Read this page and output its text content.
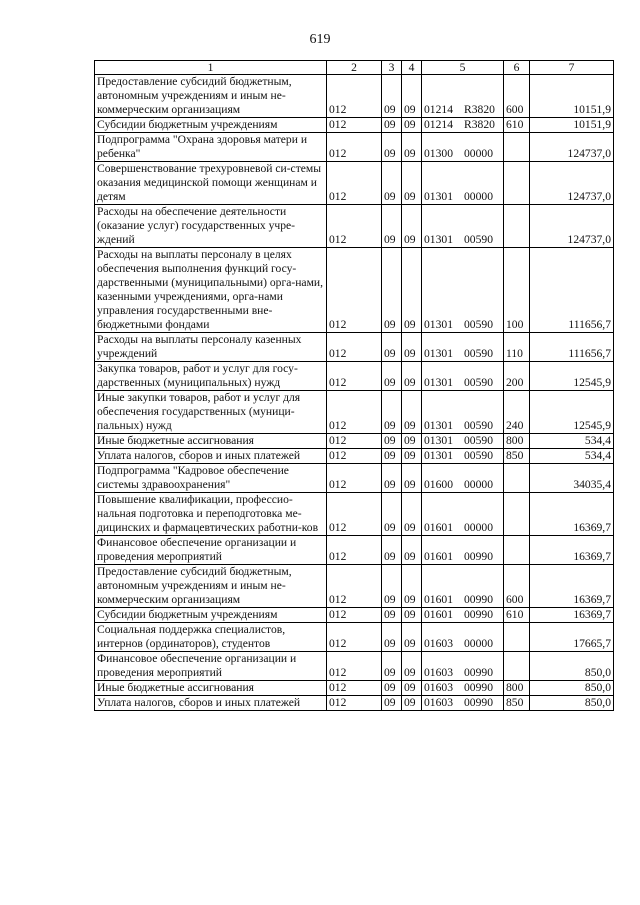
619
1	2	3	4	5	6	7
Предоставление субсидий бюджетным, автономным учреждениям и иным не-коммерческим организациям	012	09	09	01214 R3820	600	10151,9
Субсидии бюджетным учреждениям	012	09	09	01214 R3820	610	10151,9
Подпрограмма "Охрана здоровья матери и ребенка"	012	09	09	01300 00000		124737,0
Совершенствование трехуровневой си-стемы оказания медицинской помощи женщинам и детям	012	09	09	01301 00000		124737,0
Расходы на обеспечение деятельности (оказание услуг) государственных учре-ждений	012	09	09	01301 00590		124737,0
Расходы на выплаты персоналу в целях обеспечения выполнения функций госу-дарственными (муниципальными) орга-нами, казенными учреждениями, орга-нами управления государственными вне-бюджетными фондами	012	09	09	01301 00590	100	111656,7
Расходы на выплаты персоналу казенных учреждений	012	09	09	01301 00590	110	111656,7
Закупка товаров, работ и услуг для госу-дарственных (муниципальных) нужд	012	09	09	01301 00590	200	12545,9
Иные закупки товаров, работ и услуг для обеспечения государственных (муници-пальных) нужд	012	09	09	01301 00590	240	12545,9
Иные бюджетные ассигнования	012	09	09	01301 00590	800	534,4
Уплата налогов, сборов и иных платежей	012	09	09	01301 00590	850	534,4
Подпрограмма "Кадровое обеспечение системы здравоохранения"	012	09	09	01600 00000		34035,4
Повышение квалификации, профессио-нальная подготовка и переподготовка ме-дицинских и фармацевтических работни-ков	012	09	09	01601 00000		16369,7
Финансовое обеспечение организации и проведения мероприятий	012	09	09	01601 00990		16369,7
Предоставление субсидий бюджетным, автономным учреждениям и иным не-коммерческим организациям	012	09	09	01601 00990	600	16369,7
Субсидии бюджетным учреждениям	012	09	09	01601 00990	610	16369,7
Социальная поддержка специалистов, интернов (ординаторов), студентов	012	09	09	01603 00000		17665,7
Финансовое обеспечение организации и проведения мероприятий	012	09	09	01603 00990		850,0
Иные бюджетные ассигнования	012	09	09	01603 00990	800	850,0
Уплата налогов, сборов и иных платежей	012	09	09	01603 00990	850	850,0
